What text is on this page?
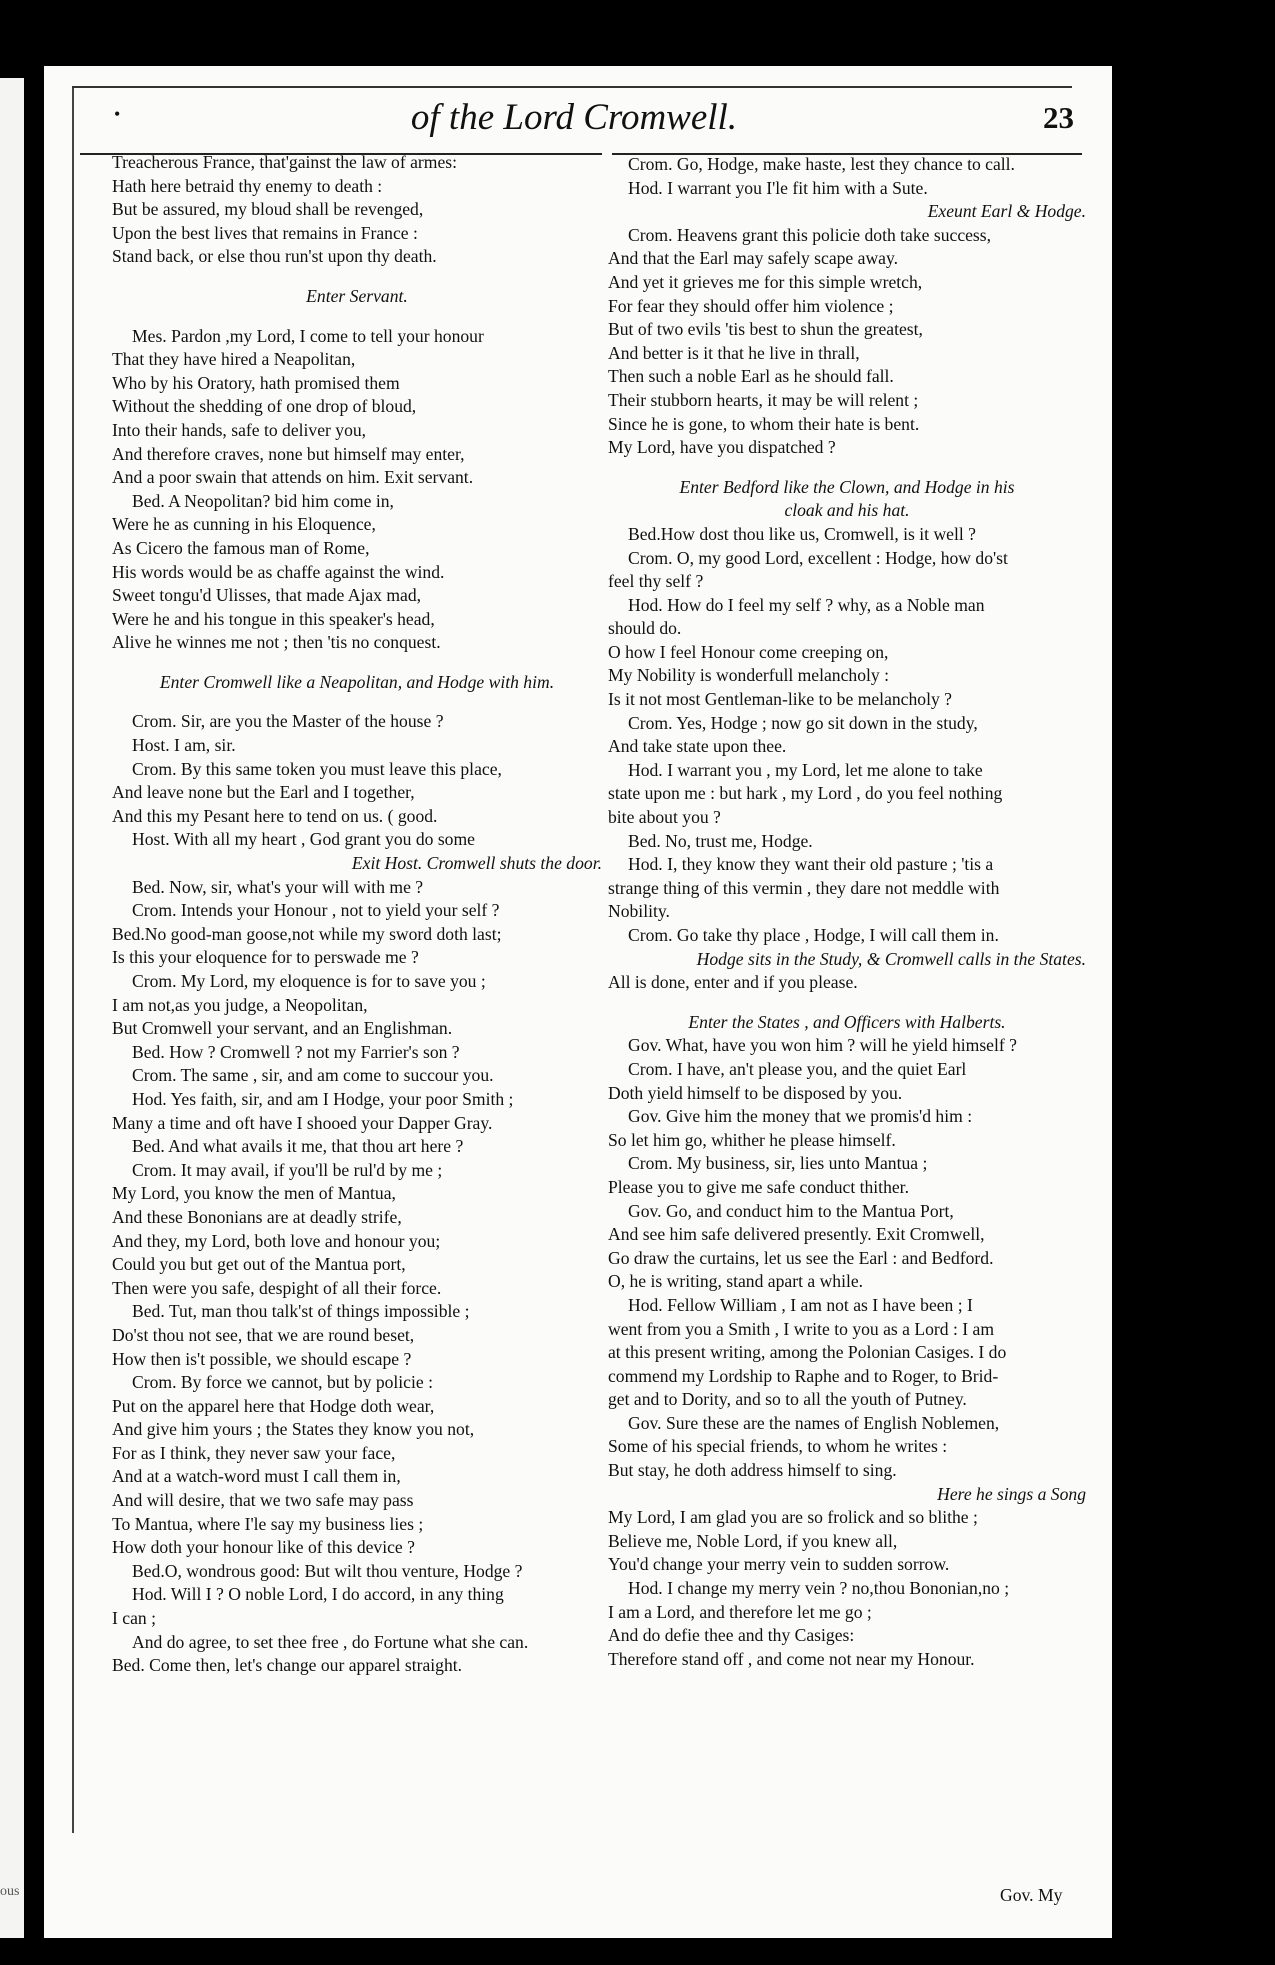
ous
•	of the Lord Cromwell.	23
Treacherous France, that'gainst the law of armes:
Hath here betraid thy enemy to death :
But be assured, my bloud shall be revenged,
Upon the best lives that remains in France :
Stand back, or else thou run'st upon thy death.
Enter Servant.
Mes. Pardon ,my Lord, I come to tell your honour
That they have hired a Neapolitan,
Who by his Oratory, hath promised them
Without the shedding of one drop of bloud,
Into their hands, safe to deliver you,
And therefore craves, none but himself may enter,
And a poor swain that attends on him. Exit servant.
Bed. A Neopolitan? bid him come in,
Were he as cunning in his Eloquence,
As Cicero the famous man of Rome,
His words would be as chaffe against the wind.
Sweet tongu'd Ulisses, that made Ajax mad,
Were he and his tongue in this speaker's head,
Alive he winnes me not ; then 'tis no conquest.
Enter Cromwell like a Neapolitan, and Hodge with him.
Crom. Sir, are you the Master of the house ?
Host. I am, sir.
Crom. By this same token you must leave this place,
And leave none but the Earl and I together,
And this my Pesant here to tend on us. ( good.
Host. With all my heart , God grant you do some
Exit Host. Cromwell shuts the door.
Bed. Now, sir, what's your will with me ?
Crom. Intends your Honour , not to yield your self ?
Bed.No good-man goose,not while my sword doth last;
Is this your eloquence for to perswade me ?
Crom. My Lord, my eloquence is for to save you ;
I am not,as you judge, a Neopolitan,
But Cromwell your servant, and an Englishman.
Bed. How ? Cromwell ? not my Farrier's son ?
Crom. The same , sir, and am come to succour you.
Hod. Yes faith, sir, and am I Hodge, your poor Smith ;
Many a time and oft have I shooed your Dapper Gray.
Bed. And what avails it me, that thou art here ?
Crom. It may avail, if you'll be rul'd by me ;
My Lord, you know the men of Mantua,
And these Bononians are at deadly strife,
And they, my Lord, both love and honour you;
Could you but get out of the Mantua port,
Then were you safe, despight of all their force.
Bed. Tut, man thou talk'st of things impossible ;
Do'st thou not see, that we are round beset,
How then is't possible, we should escape ?
Crom. By force we cannot, but by policie :
Put on the apparel here that Hodge doth wear,
And give him yours ; the States they know you not,
For as I think, they never saw your face,
And at a watch-word must I call them in,
And will desire, that we two safe may pass
To Mantua, where I'le say my business lies ;
How doth your honour like of this device ?
Bed.O, wondrous good: But wilt thou venture, Hodge ?
Hod. Will I ? O noble Lord, I do accord, in any thing
I can ;
And do agree, to set thee free , do Fortune what she can.
Bed. Come then, let's change our apparel straight.
Crom. Go, Hodge, make haste, lest they chance to call.
Hod. I warrant you I'le fit him with a Sute.
Exeunt Earl & Hodge.
Crom. Heavens grant this policie doth take success,
And that the Earl may safely scape away.
And yet it grieves me for this simple wretch,
For fear they should offer him violence ;
But of two evils 'tis best to shun the greatest,
And better is it that he live in thrall,
Then such a noble Earl as he should fall.
Their stubborn hearts, it may be will relent ;
Since he is gone, to whom their hate is bent.
My Lord, have you dispatched ?
Enter Bedford like the Clown, and Hodge in his
cloak and his hat.
Bed.How dost thou like us, Cromwell, is it well ?
Crom. O, my good Lord, excellent : Hodge, how do'st
feel thy self ?
Hod. How do I feel my self ? why, as a Noble man
should do.
O how I feel Honour come creeping on,
My Nobility is wonderfull melancholy :
Is it not most Gentleman-like to be melancholy ?
Crom. Yes, Hodge ; now go sit down in the study,
And take state upon thee.
Hod. I warrant you , my Lord, let me alone to take
state upon me : but hark , my Lord , do you feel nothing
bite about you ?
Bed. No, trust me, Hodge.
Hod. I, they know they want their old pasture ; 'tis a
strange thing of this vermin , they dare not meddle with
Nobility.
Crom. Go take thy place , Hodge, I will call them in.
Hodge sits in the Study, & Cromwell calls in the States.
All is done, enter and if you please.
Enter the States , and Officers with Halberts.
Gov. What, have you won him ? will he yield himself ?
Crom. I have, an't please you, and the quiet Earl
Doth yield himself to be disposed by you.
Gov. Give him the money that we promis'd him :
So let him go, whither he please himself.
Crom. My business, sir, lies unto Mantua ;
Please you to give me safe conduct thither.
Gov. Go, and conduct him to the Mantua Port,
And see him safe delivered presently. Exit Cromwell,
Go draw the curtains, let us see the Earl : and Bedford.
O, he is writing, stand apart a while.
Hod. Fellow William , I am not as I have been ; I
went from you a Smith , I write to you as a Lord : I am
at this present writing, among the Polonian Casiges. I do
commend my Lordship to Raphe and to Roger, to Brid-
get and to Dority, and so to all the youth of Putney.
Gov. Sure these are the names of English Noblemen,
Some of his special friends, to whom he writes :
But stay, he doth address himself to sing.
Here he sings a Song
My Lord, I am glad you are so frolick and so blithe ;
Believe me, Noble Lord, if you knew all,
You'd change your merry vein to sudden sorrow.
Hod. I change my merry vein ? no,thou Bononian,no ;
I am a Lord, and therefore let me go ;
And do defie thee and thy Casiges:
Therefore stand off , and come not near my Honour.
Gov. My
